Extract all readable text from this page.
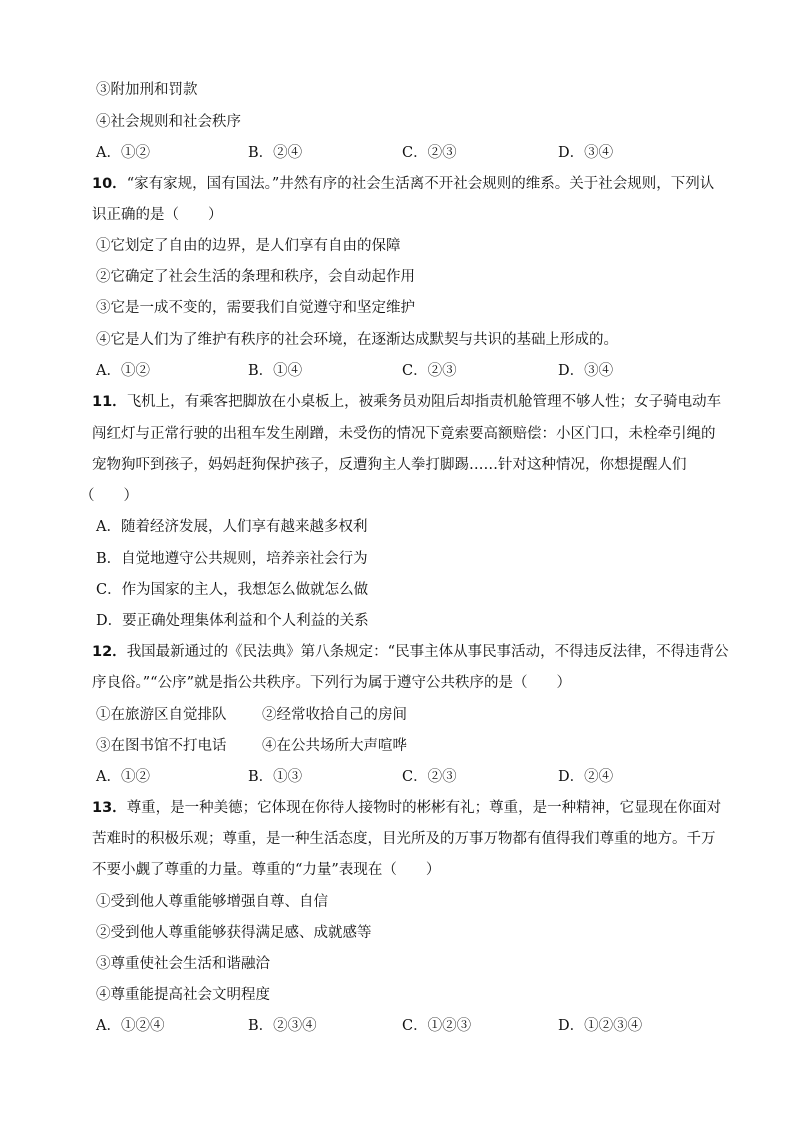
③附加刑和罚款
④社会规则和社会秩序
A．①②	B．②④	C．②③	D．③④
10．“家有家规，国有国法。”井然有序的社会生活离不开社会规则的维系。关于社会规则，下列认
识正确的是（　　）
①它划定了自由的边界，是人们享有自由的保障
②它确定了社会生活的条理和秩序，会自动起作用
③它是一成不变的，需要我们自觉遵守和坚定维护
④它是人们为了维护有秩序的社会环境，在逐渐达成默契与共识的基础上形成的。
A．①②	B．①④	C．②③	D．③④
11．飞机上，有乘客把脚放在小桌板上，被乘务员劝阻后却指责机舱管理不够人性；女子骑电动车
闯红灯与正常行驶的出租车发生剐蹭，未受伤的情况下竟索要高额赔偿：小区门口，未栓牵引绳的
宠物狗吓到孩子，妈妈赶狗保护孩子，反遭狗主人拳打脚踢……针对这种情况，你想提醒人们
（　　）
A．随着经济发展，人们享有越来越多权利
B．自觉地遵守公共规则，培养亲社会行为
C．作为国家的主人，我想怎么做就怎么做
D．要正确处理集体利益和个人利益的关系
12．我国最新通过的《民法典》第八条规定：“民事主体从事民事活动，不得违反法律，不得违背公
序良俗。”“公序”就是指公共秩序。下列行为属于遵守公共秩序的是（　　）
①在旅游区自觉排队 ②经常收拾自己的房间
③在图书馆不打电话 ④在公共场所大声喧哗
A．①②	B．①③	C．②③	D．②④
13．尊重，是一种美德；它体现在你待人接物时的彬彬有礼；尊重，是一种精神，它显现在你面对
苦难时的积极乐观；尊重，是一种生活态度，目光所及的万事万物都有值得我们尊重的地方。千万
不要小觑了尊重的力量。尊重的“力量”表现在（　　）
①受到他人尊重能够增强自尊、自信
②受到他人尊重能够获得满足感、成就感等
③尊重使社会生活和谐融洽
④尊重能提高社会文明程度
A．①②④	B．②③④	C．①②③	D．①②③④
